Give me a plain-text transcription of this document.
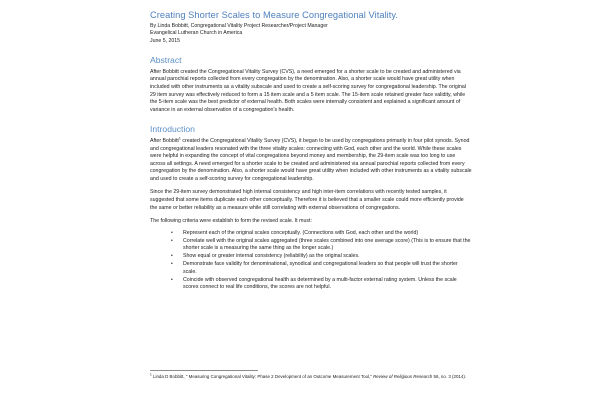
Creating Shorter Scales to Measure Congregational Vitality.
By Linda Bobbitt, Congregational Vitality Project Researcher/Project Manager
Evangelical Lutheran Church in America
June 5, 2015
Abstract

After Bobbitt created the Congregational Vitality Survey (CVS), a need emerged for a shorter scale to be created and administered via annual parochial reports collected from every congregation by the denomination. Also, a shorter scale would have great utility when included with other instruments as a vitality subscale and used to create a self-scoring survey for congregational leadership. The original 29 item survey was effectively reduced to form a 15 item scale and a 5 item scale. The 15-item scale retained greater face validity, while the 5-item scale was the best predictor of external health. Both scales were internally consistent and explained a significant amount of variance in an external observation of a congregation's health.

Introduction

After Bobbitt$^1$ created the Congregational Vitality Survey (CVS), it began to be used by congregations primarily in four pilot synods. Synod and congregational leaders resonated with the three vitality scales: connecting with God, each other and the world. While these scales were helpful in expanding the concept of vital congregations beyond money and membership, the 29-item scale was too long to use across all settings. A need emerged for a shorter scale to be created and administered via annual parochial reports collected from every congregation by the denomination. Also, a shorter scale would have great utility when included with other instruments as a vitality subscale and used to create a self-scoring survey for congregational leadership.

Since the 29-item survey demonstrated high internal consistency and high inter-item correlations with recently tested samples, it suggested that some items duplicate each other conceptually. Therefore it is believed that a smaller scale could more efficiently provide the same or better reliability as a measure while still correlating with external observations of congregations.

The following criteria were establish to form the revised scale. It must:

• Represent each of the original scales conceptually. (Connections with God, each other and the world)
• Correlate well with the original scales aggregated (three scales combined into one average score) (This is to ensure that the shorter scale is a measuring the same thing as the longer scale.)
• Show equal or greater internal consistency (reliability) as the original scales.
• Demonstrate face validity for denominational, synodical and congregational leaders so that people will trust the shorter scale.
• Coincide with observed congregational health as determined by a multi-factor external rating system. Unless the scale scores connect to real life conditions, the scores are not helpful.

$^1$ Linda D Bobbitt, " Measuring Congregational Vitality: Phase 2 Development of an Outcome Measurement Tool," Review of Religious Research 56, no. 3 (2014).
